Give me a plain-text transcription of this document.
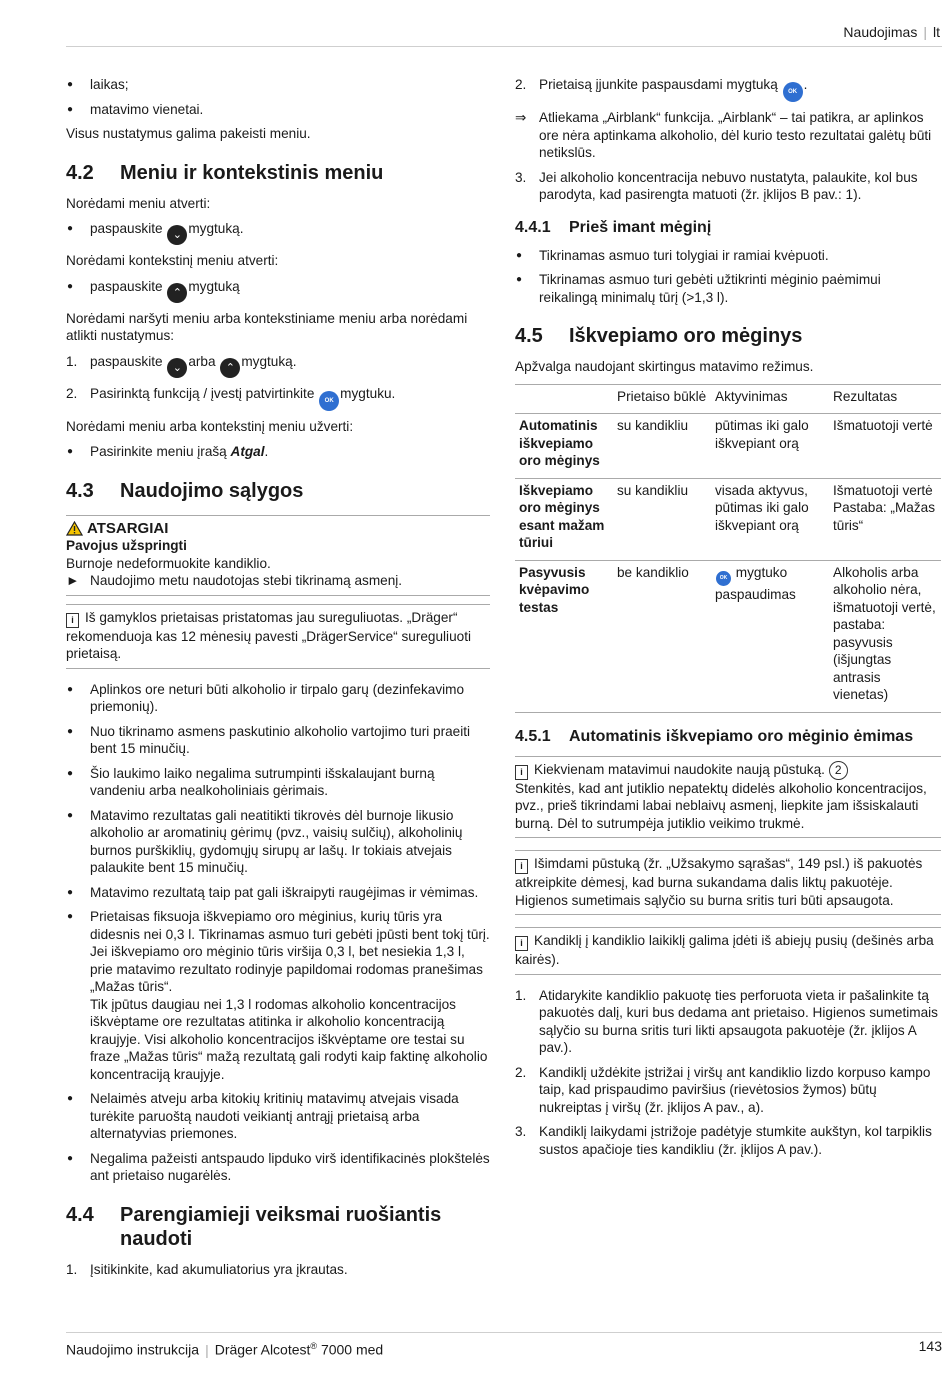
Naudojimas | lt
● laikas;
● matavimo vienetai.

Visus nustatymus galima pakeisti meniu.

4.2	Meniu ir kontekstinis meniu

Norėdami meniu atverti:

● paspauskite ⌄ mygtuką.

Norėdami kontekstinį meniu atverti:

● paspauskite ⌃ mygtuką

Norėdami naršyti meniu arba kontekstiniame meniu arba norėdami atlikti nustatymus:

1. paspauskite ⌄ arba ⌃ mygtuką.
2. Pasirinktą funkciją / įvestį patvirtinkite OK mygtuku.

Norėdami meniu arba kontekstinį meniu užverti:

● Pasirinkite meniu įrašą Atgal.
4.3	Naudojimo sąlygos
ATSARGIAI
Pavojus užspringti
Burnoje nedeformuokite kandiklio.
► Naudojimo metu naudotojas stebi tikrinamą asmenį.
i Iš gamyklos prietaisas pristatomas jau sureguliuotas. „Dräger“ rekomenduoja kas 12 mėnesių pavesti „DrägerService“ sureguliuoti prietaisą.
● Aplinkos ore neturi būti alkoholio ir tirpalo garų (dezinfekavimo priemonių).
● Nuo tikrinamo asmens paskutinio alkoholio vartojimo turi praeiti bent 15 minučių.
● Šio laukimo laiko negalima sutrumpinti išskalaujant burną vandeniu arba nealkoholiniais gėrimais.
● Matavimo rezultatas gali neatitikti tikrovės dėl burnoje likusio alkoholio ar aromatinių gėrimų (pvz., vaisių sulčių), alkoholinių burnos purškiklių, gydomųjų sirupų ar lašų. Ir tokiais atvejais palaukite bent 15 minučių.
● Matavimo rezultatą taip pat gali iškraipyti raugėjimas ir vėmimas.
● Prietaisas fiksuoja iškvepiamo oro mėginius, kurių tūris yra didesnis nei 0,3 l. Tikrinamas asmuo turi gebėti įpūsti bent tokį tūrį. Jei iškvepiamo oro mėginio tūris viršija 0,3 l, bet nesiekia 1,3 l, prie matavimo rezultato rodinyje papildomai rodomas pranešimas „Mažas tūris“.
Tik įpūtus daugiau nei 1,3 l rodomas alkoholio koncentracijos iškvėptame ore rezultatas atitinka ir alkoholio koncentraciją kraujyje. Visi alkoholio koncentracijos iškvėptame ore testai su fraze „Mažas tūris“ mažą rezultatą gali rodyti kaip faktinę alkoholio koncentraciją kraujyje.
● Nelaimės atveju arba kitokių kritinių matavimų atvejais visada turėkite paruoštą naudoti veikiantį antrąjį prietaisą arba alternatyvias priemones.
● Negalima pažeisti antspaudo lipduko virš identifikacinės plokštelės ant prietaiso nugarėlės.
4.4	Parengiamieji veiksmai ruošiantis naudoti
1. Įsitikinkite, kad akumuliatorius yra įkrautas.
2. Prietaisą įjunkite paspausdami mygtuką OK .
⇒ Atliekama „Airblank“ funkcija. „Airblank“ – tai patikra, ar aplinkos ore nėra aptinkama alkoholio, dėl kurio testo rezultatai galėtų būti netikslūs.
3. Jei alkoholio koncentracija nebuvo nustatyta, palaukite, kol bus parodyta, kad pasirengta matuoti (žr. įklijos B pav.: 1).
4.4.1	Prieš imant mėginį
● Tikrinamas asmuo turi tolygiai ir ramiai kvėpuoti.
● Tikrinamas asmuo turi gebėti užtikrinti mėginio paėmimui reikalingą minimalų tūrį (>1,3 l).
4.5	Iškvepiamo oro mėginys

Apžvalga naudojant skirtingus matavimo režimus.

	Prietaiso būklė	Aktyvinimas	Rezultatas
Automatinis iškvepiamo oro mėginys	su kandikliu	pūtimas iki galo iškvepiant orą	Išmatuotoji vertė
Iškvepiamo oro mėginys esant mažam tūriui	su kandikliu	visada aktyvus, pūtimas iki galo iškvepiant orą	Išmatuotoji vertė Pastaba: „Mažas tūris“
Pasyvusis kvėpavimo testas	be kandiklio	OK mygtuko paspaudimas	Alkoholis arba alkoholio nėra, išmatuotoji vertė, pastaba: pasyvusis (išjungtas antrasis vienetas)
4.5.1	Automatinis iškvepiamo oro mėginio ėmimas
i Kiekvienam matavimui naudokite naują pūstuką. 2
Stenkitės, kad ant jutiklio nepatektų didelės alkoholio koncentracijos, pvz., prieš tikrindami labai neblaivų asmenį, liepkite jam išsiskalauti burną. Dėl to sutrumpėja jutiklio veikimo trukmė.
i Išimdami pūstuką (žr. „Užsakymo sąrašas“, 149 psl.) iš pakuotės atkreipkite dėmesį, kad burna sukandama dalis liktų pakuotėje. Higienos sumetimais sąlyčio su burna sritis turi būti apsaugota.
i Kandiklį į kandiklio laikiklį galima įdėti iš abiejų pusių (dešinės arba kairės).
1. Atidarykite kandiklio pakuotę ties perforuota vieta ir pašalinkite tą pakuotės dalį, kuri bus dedama ant prietaiso. Higienos sumetimais sąlyčio su burna sritis turi likti apsaugota pakuotėje (žr. įklijos A pav.).
2. Kandiklį uždėkite įstrižai į viršų ant kandiklio lizdo korpuso kampo taip, kad prispaudimo paviršius (rievėtosios žymos) būtų nukreiptas į viršų (žr. įklijos A pav., a).
3. Kandiklį laikydami įstrižoje padėtyje stumkite aukštyn, kol tarpiklis sustos apačioje ties kandikliu (žr. įklijos A pav.).
Naudojimo instrukcija | Dräger Alcotest® 7000 med	143
